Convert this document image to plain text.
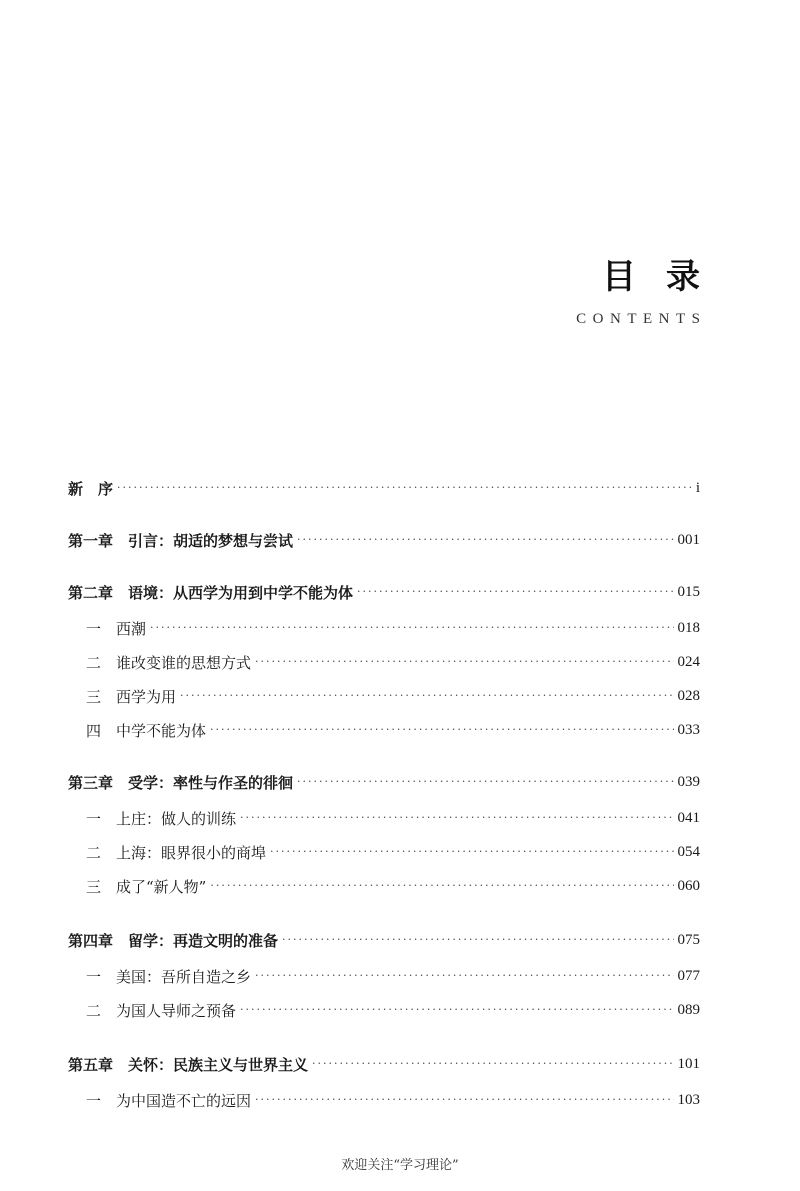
目录
CONTENTS
新　序 ·····	i
第一章　引言：胡适的梦想与尝试 ·····	001
第二章　语境：从西学为用到中学不能为体 ·····	015
一　西潮 ·····	018
二　谁改变谁的思想方式 ·····	024
三　西学为用 ·····	028
四　中学不能为体 ·····	033
第三章　受学：率性与作圣的徘徊 ·····	039
一　上庄：做人的训练 ·····	041
二　上海：眼界很小的商埠 ·····	054
三　成了“新人物” ·····	060
第四章　留学：再造文明的准备 ·····	075
一　美国：吾所自造之乡 ·····	077
二　为国人导师之预备 ·····	089
第五章　关怀：民族主义与世界主义 ·····	101
一　为中国造不亡的远因 ·····	103
欢迎关注“学习理论”
